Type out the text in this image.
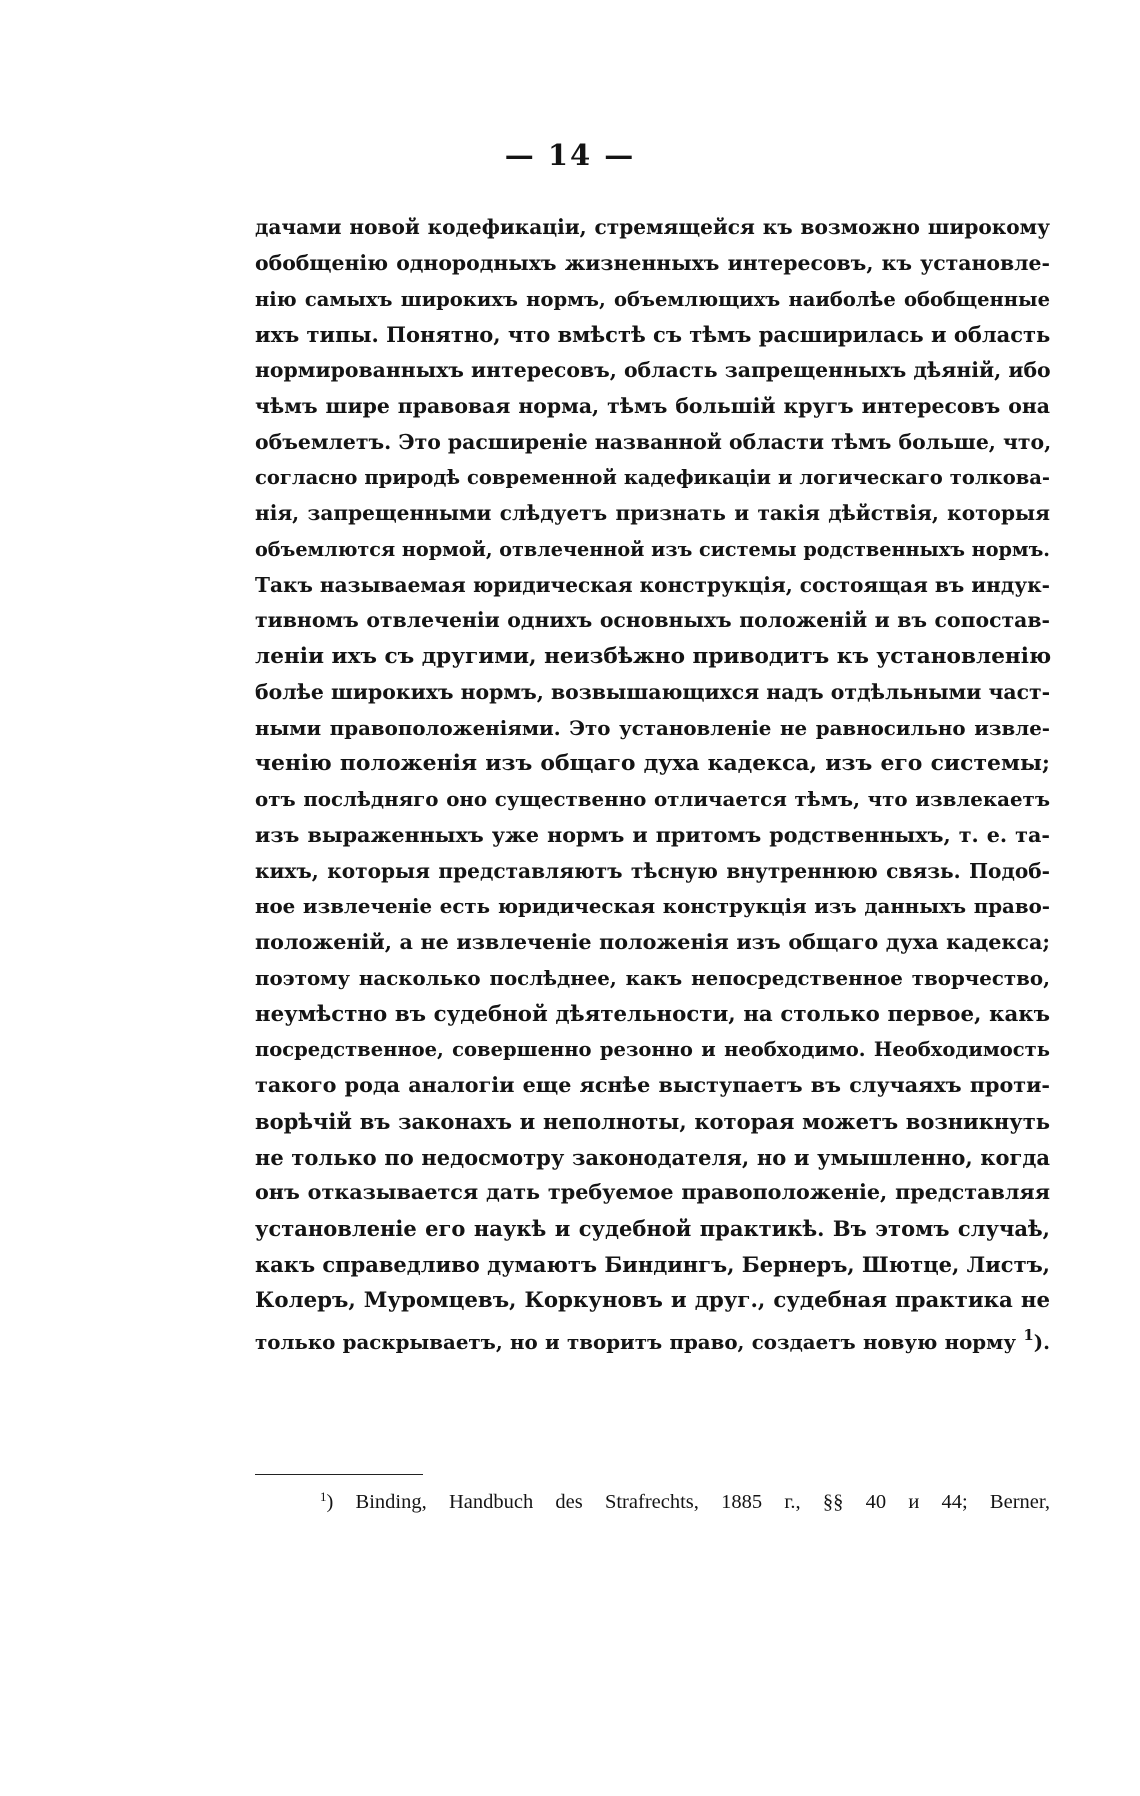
— 14 —
дачами новой кодефикаціи, стремящейся къ возможно широкому
обобщенію однородныхъ жизненныхъ интересовъ, къ установле-
нію самыхъ широкихъ нормъ, объемлющихъ наиболѣе обобщенные
ихъ типы. Понятно, что вмѣстѣ съ тѣмъ расширилась и область
нормированныхъ интересовъ, область запрещенныхъ дѣяній, ибо
чѣмъ шире правовая норма, тѣмъ большій кругъ интересовъ она
объемлетъ. Это расширеніе названной области тѣмъ больше, что,
согласно природѣ современной кадефикаціи и логическаго толкова-
нія, запрещенными слѣдуетъ признать и такія дѣйствія, которыя
объемлются нормой, отвлеченной изъ системы родственныхъ нормъ.
Такъ называемая юридическая конструкція, состоящая въ индук-
тивномъ отвлеченіи однихъ основныхъ положеній и въ сопостав-
леніи ихъ съ другими, неизбѣжно приводитъ къ установленію
болѣе широкихъ нормъ, возвышающихся надъ отдѣльными част-
ными правоположеніями. Это установленіе не равносильно извле-
ченію положенія изъ общаго духа кадекса, изъ его системы;
отъ послѣдняго оно существенно отличается тѣмъ, что извлекаетъ
изъ выраженныхъ уже нормъ и притомъ родственныхъ, т. е. та-
кихъ, которыя представляютъ тѣсную внутреннюю связь. Подоб-
ное извлеченіе есть юридическая конструкція изъ данныхъ право-
положеній, а не извлеченіе положенія изъ общаго духа кадекса;
поэтому насколько послѣднее, какъ непосредственное творчество,
неумѣстно въ судебной дѣятельности, на столько первое, какъ
посредственное, совершенно резонно и необходимо. Необходимость
такого рода аналогіи еще яснѣе выступаетъ въ случаяхъ проти-
ворѣчій въ законахъ и неполноты, которая можетъ возникнуть
не только по недосмотру законодателя, но и умышленно, когда
онъ отказывается дать требуемое правоположеніе, представляя
установленіе его наукѣ и судебной практикѣ. Въ этомъ случаѣ,
какъ справедливо думаютъ Биндингъ, Бернеръ, Шютце, Листъ,
Колеръ, Муромцевъ, Коркуновъ и друг., судебная практика не
только раскрываетъ, но и творитъ право, создаетъ новую норму $^1$).
$^1$) Binding, Handbuch des Strafrechts, 1885 г., §§ 40 и 44; Berner,
